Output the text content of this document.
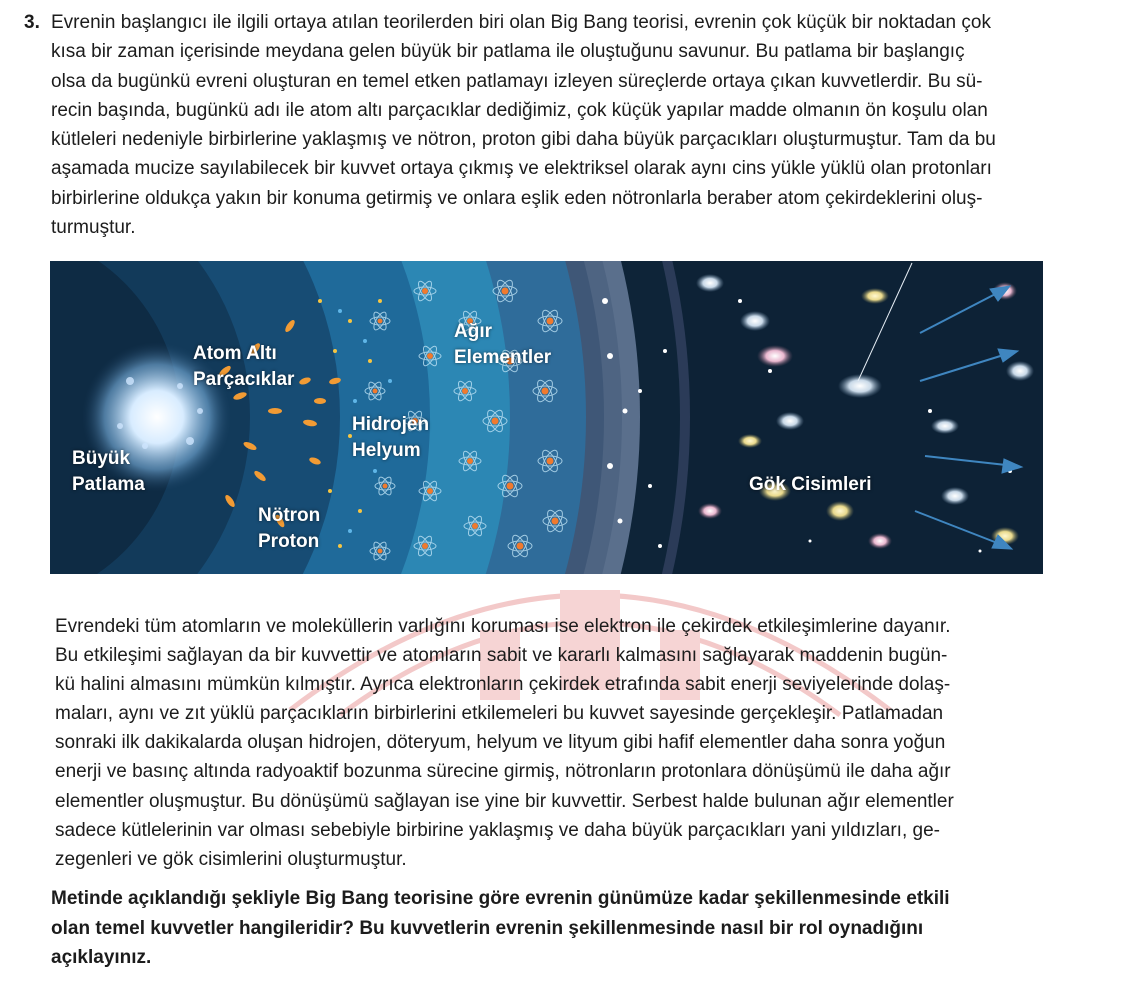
3. Evrenin başlangıcı ile ilgili ortaya atılan teorilerden biri olan Big Bang teorisi, evrenin çok küçük bir noktadan çok
kısa bir zaman içerisinde meydana gelen büyük bir patlama ile oluştuğunu savunur. Bu patlama bir başlangıç
olsa da bugünkü evreni oluşturan en temel etken patlamayı izleyen süreçlerde ortaya çıkan kuvvetlerdir. Bu sü-
recin başında, bugünkü adı ile atom altı parçacıklar dediğimiz, çok küçük yapılar madde olmanın ön koşulu olan
kütleleri nedeniyle birbirlerine yaklaşmış ve nötron, proton gibi daha büyük parçacıkları oluşturmuştur. Tam da bu
aşamada mucize sayılabilecek bir kuvvet ortaya çıkmış ve elektriksel olarak aynı cins yükle yüklü olan protonları
birbirlerine oldukça yakın bir konuma getirmiş ve onlara eşlik eden nötronlarla beraber atom çekirdeklerini oluş-
turmuştur.

Atom Altı
Parçacıklar
Büyük
Patlama
Nötron
Proton
Hidrojen
Helyum
Ağır
Elementler
Gök Cisimleri

Evrendeki tüm atomların ve moleküllerin varlığını koruması ise elektron ile çekirdek etkileşimlerine dayanır.
Bu etkileşimi sağlayan da bir kuvvettir ve atomların sabit ve kararlı kalmasını sağlayarak maddenin bugün-
kü halini almasını mümkün kılmıştır. Ayrıca elektronların çekirdek etrafında sabit enerji seviyelerinde dolaş-
maları, aynı ve zıt yüklü parçacıkların birbirlerini etkilemeleri bu kuvvet sayesinde gerçekleşir. Patlamadan
sonraki ilk dakikalarda oluşan hidrojen, döteryum, helyum ve lityum gibi hafif elementler daha sonra yoğun
enerji ve basınç altında radyoaktif bozunma sürecine girmiş, nötronların protonlara dönüşümü ile daha ağır
elementler oluşmuştur. Bu dönüşümü sağlayan ise yine bir kuvvettir. Serbest halde bulunan ağır elementler
sadece kütlelerinin var olması sebebiyle birbirine yaklaşmış ve daha büyük parçacıkları yani yıldızları, ge-
zegenleri ve gök cisimlerini oluşturmuştur.

Metinde açıklandığı şekliyle Big Bang teorisine göre evrenin günümüze kadar şekillenmesinde etkili
olan temel kuvvetler hangileridir? Bu kuvvetlerin evrenin şekillenmesinde nasıl bir rol oynadığını
açıklayınız.
